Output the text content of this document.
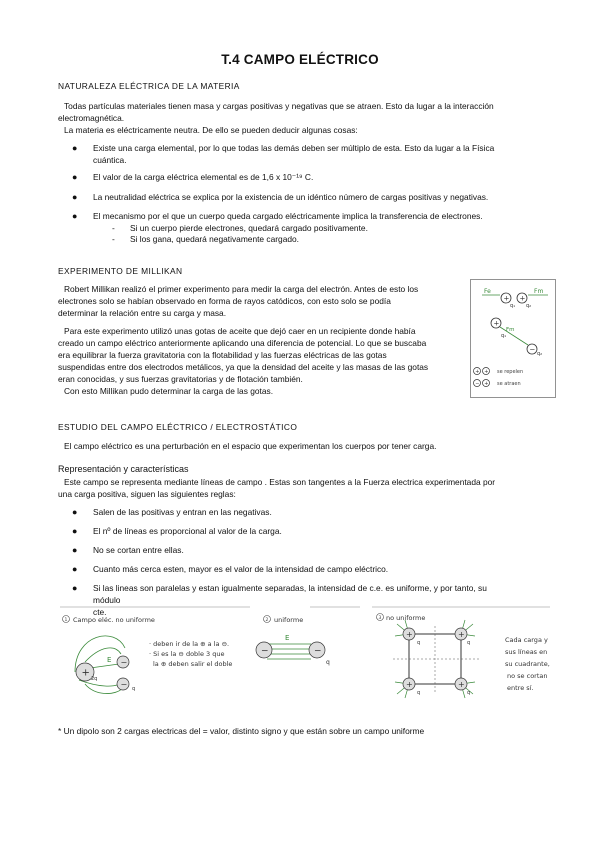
T.4 CAMPO ELÉCTRICO
NATURALEZA ELÉCTRICA DE LA MATERIA
Todas partículas materiales tienen masa y cargas positivas y negativas que se atraen. Esto da lugar a la interacción
electromagnética.
La materia es eléctricamente neutra. De ello se pueden deducir algunas cosas:
● Existe una carga elemental, por lo que todas las demás deben ser múltiplo de esta. Esto da lugar a la Física
cuántica.
● El valor de la carga eléctrica elemental es de 1,6 x 10⁻¹⁹ C.
● La neutralidad eléctrica se explica por la existencia de un idéntico número de cargas positivas y negativas.
● El mecanismo por el que un cuerpo queda cargado eléctricamente implica la transferencia de electrones.
- Si un cuerpo pierde electrones, quedará cargado positivamente.
- Si los gana, quedará negativamente cargado.
EXPERIMENTO DE MILLIKAN
Robert Millikan realizó el primer experimento para medir la carga del electrón. Antes de esto los
electrones solo se habían observado en forma de rayos catódicos, con esto solo se podía
determinar la relación entre su carga y masa.
Para este experimento utilizó unas gotas de aceite que dejó caer en un recipiente donde había
creado un campo eléctrico anteriormente aplicando una diferencia de potencial. Lo que se buscaba
era equilibrar la fuerza gravitatoria con la flotabilidad y las fuerzas eléctricas de las gotas
suspendidas entre dos electrodos metálicos, ya que la densidad del aceite y las masas de las gotas
eran conocidas, y sus fuerzas gravitatorias y de flotación también.
Con esto Millikan pudo determinar la carga de las gotas.
Fe
+ +
Fm
q₁ q₂
+
Fm
−
q₂
q₁
+ + se repelen
− + se atraen
ESTUDIO DEL CAMPO ELÉCTRICO / ELECTROSTÁTICO
El campo eléctrico es una perturbación en el espacio que experimentan los cuerpos por tener carga.
Representación y características
Este campo se representa mediante líneas de campo . Estas son tangentes a la Fuerza electrica experimentada por
una carga positiva, siguen las siguientes reglas:
● Salen de las positivas y entran en las negativas.
● El nº de líneas es proporcional al valor de la carga.
● No se cortan entre ellas.
● Cuanto más cerca esten, mayor es el valor de la intensidad de campo eléctrico.
● Si las lineas son paralelas y estan igualmente separadas, la intensidad de c.e. es uniforme, y por tanto, su
módulo cte.
1 Campo eléc. no uniforme
+
−
−
E
2q
q
· deben ir de la ⊕ a la ⊖.
· Si es la ⊖ doble 3 que
la ⊕ deben salir el doble
2 uniforme
E
−	−
q
3 no uniforme
+	+
+	+
q	q
q	q
Cada carga y
sus líneas en
su cuadrante,
no se cortan
entre sí.
* Un dipolo son 2 cargas electricas del = valor, distinto signo y que están sobre un campo uniforme
